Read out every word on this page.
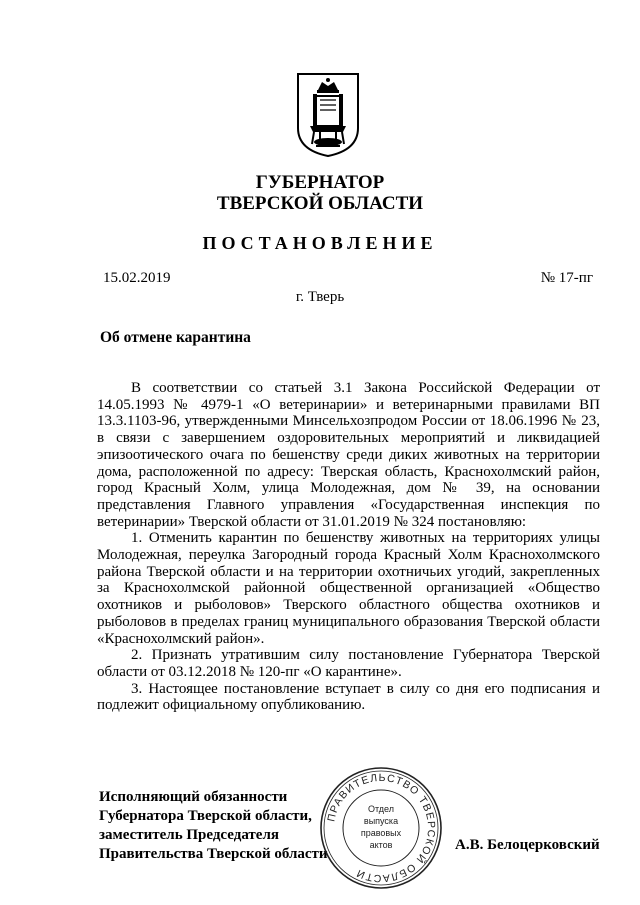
ГУБЕРНАТОР
ТВЕРСКОЙ ОБЛАСТИ
ПОСТАНОВЛЕНИЕ
15.02.2019	№ 17-пг
г. Тверь
Об отмене карантина

В соответствии со статьей 3.1 Закона Российской Федерации от 14.05.1993 № 4979-1 «О ветеринарии» и ветеринарными правилами ВП 13.3.1103-96, утвержденными Минсельхозпродом России от 18.06.1996 № 23, в связи с завершением оздоровительных мероприятий и ликвидацией эпизоотического очага по бешенству среди диких животных на территории дома, расположенной по адресу: Тверская область, Краснохолмский район, город Красный Холм, улица Молодежная, дом № 39, на основании представления Главного управления «Государственная инспекция по ветеринарии» Тверской области от 31.01.2019 № 324 постановляю:

1. Отменить карантин по бешенству животных на территориях улицы Молодежная, переулка Загородный города Красный Холм Краснохолмского района Тверской области и на территории охотничьих угодий, закрепленных за Краснохолмской районной общественной организацией «Общество охотников и рыболовов» Тверского областного общества охотников и рыболовов в пределах границ муниципального образования Тверской области «Краснохолмский район».

2. Признать утратившим силу постановление Губернатора Тверской области от 03.12.2018 № 120-пг «О карантине».

3. Настоящее постановление вступает в силу со дня его подписания и подлежит официальному опубликованию.

Исполняющий обязанности
Губернатора Тверской области,
заместитель Председателя
Правительства Тверской области
ПРАВИТЕЛЬСТВО ТВЕРСКОЙ ОБЛАСТИ
Отдел
выпуска
правовых
актов	А.В. Белоцерковский
